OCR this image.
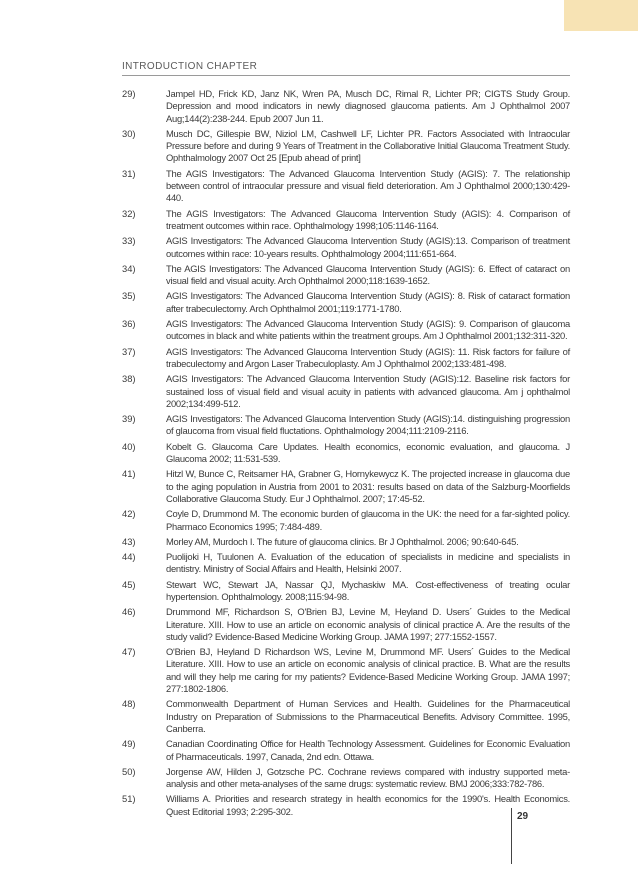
INTRODUCTION CHAPTER
29)	Jampel HD, Frick KD, Janz NK, Wren PA, Musch DC, Rimal R, Lichter PR; CIGTS Study Group. Depression and mood indicators in newly diagnosed glaucoma patients. Am J Ophthalmol 2007 Aug;144(2):238-244. Epub 2007 Jun 11.
30)	Musch DC, Gillespie BW, Niziol LM, Cashwell LF, Lichter PR. Factors Associated with Intraocular Pressure before and during 9 Years of Treatment in the Collaborative Initial Glaucoma Treatment Study. Ophthalmology 2007 Oct 25 [Epub ahead of print]
31)	The AGIS Investigators: The Advanced Glaucoma Intervention Study (AGIS): 7. The relationship between control of intraocular pressure and visual field deterioration. Am J Ophthalmol 2000;130:429-440.
32)	The AGIS Investigators: The Advanced Glaucoma Intervention Study (AGIS): 4. Comparison of treatment outcomes within race. Ophthalmology 1998;105:1146-1164.
33)	AGIS Investigators: The Advanced Glaucoma Intervention Study (AGIS):13. Comparison of treatment outcomes within race: 10-years results. Ophthalmology 2004;111:651-664.
34)	The AGIS Investigators: The Advanced Glaucoma Intervention Study (AGIS): 6. Effect of cataract on visual field and visual acuity. Arch Ophthalmol 2000;118:1639-1652.
35)	AGIS Investigators: The Advanced Glaucoma Intervention Study (AGIS): 8. Risk of cataract formation after trabeculectomy. Arch Ophthalmol 2001;119:1771-1780.
36)	AGIS Investigators: The Advanced Glaucoma Intervention Study (AGIS): 9. Comparison of glaucoma outcomes in black and white patients within the treatment groups. Am J Ophthalmol 2001;132:311-320.
37)	AGIS Investigators: The Advanced Glaucoma Intervention Study (AGIS): 11. Risk factors for failure of trabeculectomy and Argon Laser Trabeculoplasty. Am J Ophthalmol 2002;133:481-498.
38)	AGIS Investigators: The Advanced Glaucoma Intervention Study (AGIS):12. Baseline risk factors for sustained loss of visual field and visual acuity in patients with advanced glaucoma. Am j ophthalmol 2002;134:499-512.
39)	AGIS Investigators: The Advanced Glaucoma Intervention Study (AGIS):14. distinguishing progression of glaucoma from visual field fluctations. Ophthalmology 2004;111:2109-2116.
40)	Kobelt G. Glaucoma Care Updates. Health economics, economic evaluation, and glaucoma. J Glaucoma 2002; 11:531-539.
41)	Hitzl W, Bunce C, Reitsamer HA, Grabner G, Hornykewycz K. The projected increase in glaucoma due to the aging population in Austria from 2001 to 2031: results based on data of the Salzburg-Moorfields Collaborative Glaucoma Study. Eur J Ophthalmol. 2007; 17:45-52.
42)	Coyle D, Drummond M. The economic burden of glaucoma in the UK: the need for a far-sighted policy. Pharmaco Economics 1995; 7:484-489.
43)	Morley AM, Murdoch I. The future of glaucoma clinics. Br J Ophthalmol. 2006; 90:640-645.
44)	Puolijoki H, Tuulonen A. Evaluation of the education of specialists in medicine and specialists in dentistry. Ministry of Social Affairs and Health, Helsinki 2007.
45)	Stewart WC, Stewart JA, Nassar QJ, Mychaskiw MA. Cost-effectiveness of treating ocular hypertension. Ophthalmology. 2008;115:94-98.
46)	Drummond MF, Richardson S, O'Brien BJ, Levine M, Heyland D. Users´ Guides to the Medical Literature. XIII. How to use an article on economic analysis of clinical practice A. Are the results of the study valid? Evidence-Based Medicine Working Group. JAMA 1997; 277:1552-1557.
47)	O'Brien BJ, Heyland D Richardson WS, Levine M, Drummond MF. Users´ Guides to the Medical Literature. XIII. How to use an article on economic analysis of clinical practice. B. What are the results and will they help me caring for my patients? Evidence-Based Medicine Working Group. JAMA 1997; 277:1802-1806.
48)	Commonwealth Department of Human Services and Health. Guidelines for the Pharmaceutical Industry on Preparation of Submissions to the Pharmaceutical Benefits. Advisory Committee. 1995, Canberra.
49)	Canadian Coordinating Office for Health Technology Assessment. Guidelines for Economic Evaluation of Pharmaceuticals. 1997, Canada, 2nd edn. Ottawa.
50)	Jorgense AW, Hilden J, Gotzsche PC. Cochrane reviews compared with industry supported meta-analysis and other meta-analyses of the same drugs: systematic review. BMJ 2006;333:782-786.
51)	Williams A. Priorities and research strategy in health economics for the 1990's. Health Economics. Quest Editorial 1993; 2:295-302.	29
